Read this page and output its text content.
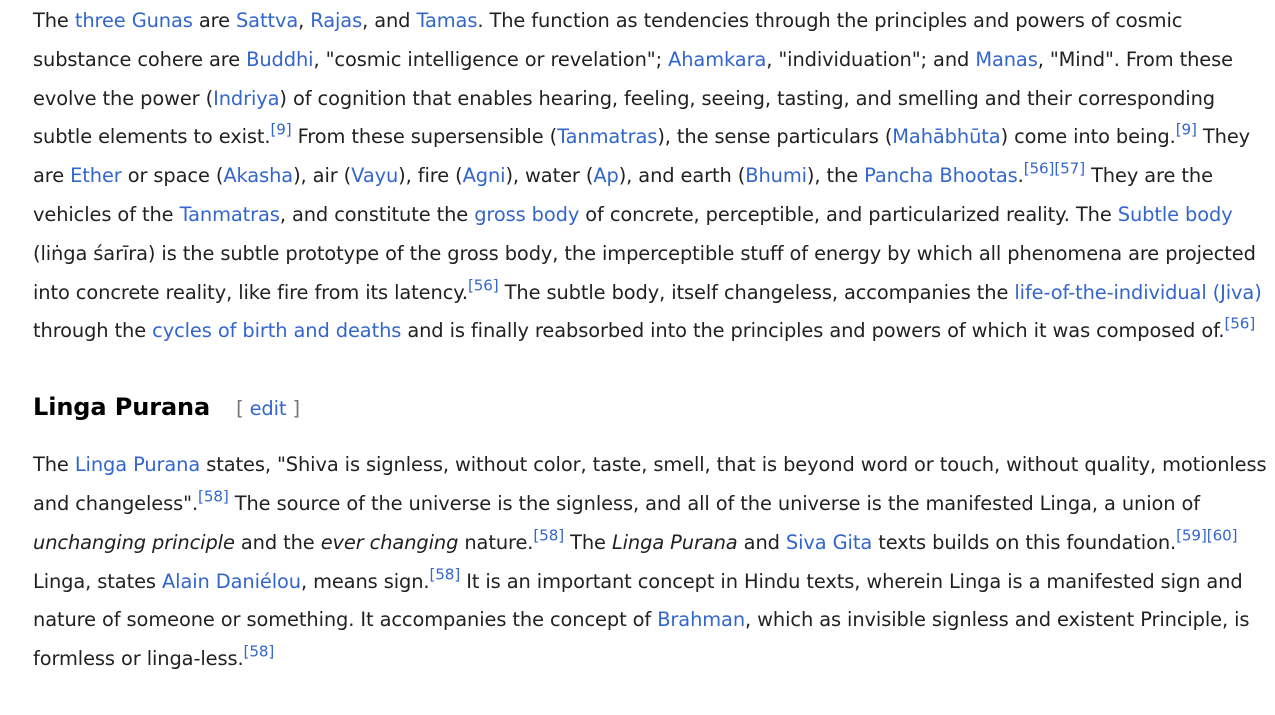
The three Gunas are Sattva, Rajas, and Tamas. The function as tendencies through the principles and powers of cosmic substance cohere are Buddhi, "cosmic intelligence or revelation"; Ahamkara, "individuation"; and Manas, "Mind". From these evolve the power (Indriya) of cognition that enables hearing, feeling, seeing, tasting, and smelling and their corresponding subtle elements to exist.[9] From these supersensible (Tanmatras), the sense particulars (Mahābhūta) come into being.[9] They are Ether or space (Akasha), air (Vayu), fire (Agni), water (Ap), and earth (Bhumi), the Pancha Bhootas.[56][57] They are the vehicles of the Tanmatras, and constitute the gross body of concrete, perceptible, and particularized reality. The Subtle body (liṅga śarīra) is the subtle prototype of the gross body, the imperceptible stuff of energy by which all phenomena are projected into concrete reality, like fire from its latency.[56] The subtle body, itself changeless, accompanies the life-of-the-individual (Jiva) through the cycles of birth and deaths and is finally reabsorbed into the principles and powers of which it was composed of.[56]

Linga Purana [ edit ]

The Linga Purana states, "Shiva is signless, without color, taste, smell, that is beyond word or touch, without quality, motionless and changeless".[58] The source of the universe is the signless, and all of the universe is the manifested Linga, a union of unchanging principle and the ever changing nature.[58] The Linga Purana and Siva Gita texts builds on this foundation.[59][60] Linga, states Alain Daniélou, means sign.[58] It is an important concept in Hindu texts, wherein Linga is a manifested sign and nature of someone or something. It accompanies the concept of Brahman, which as invisible signless and existent Principle, is formless or linga-less.[58]
